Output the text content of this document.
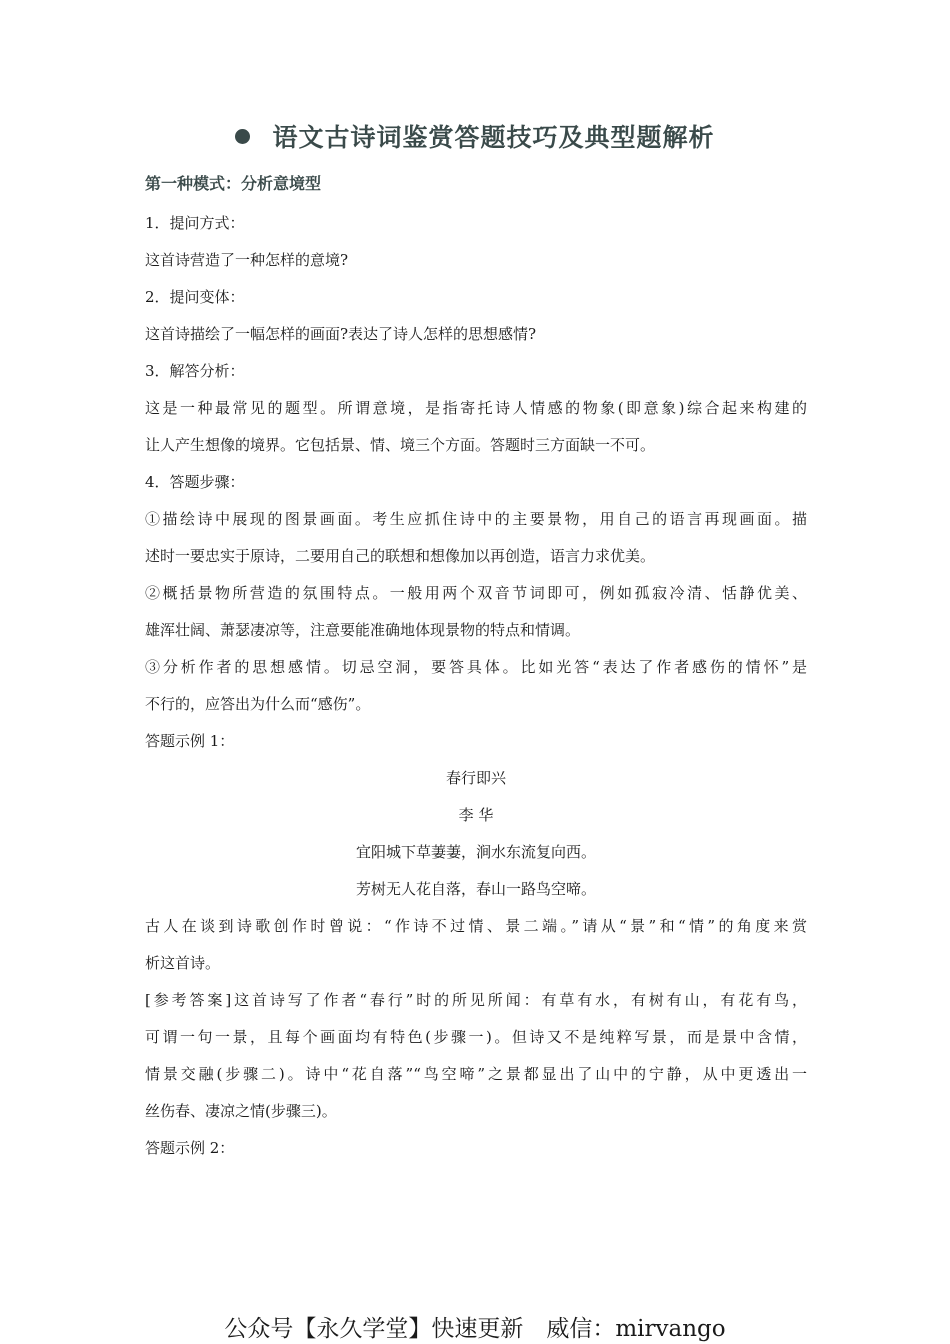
语文古诗词鉴赏答题技巧及典型题解析
第一种模式：分析意境型
1．提问方式：
这首诗营造了一种怎样的意境?
2．提问变体：
这首诗描绘了一幅怎样的画面?表达了诗人怎样的思想感情?
3．解答分析：
这是一种最常见的题型。所谓意境，是指寄托诗人情感的物象(即意象)综合起来构建的
让人产生想像的境界。它包括景、情、境三个方面。答题时三方面缺一不可。
4．答题步骤：
①描绘诗中展现的图景画面。考生应抓住诗中的主要景物，用自己的语言再现画面。描
述时一要忠实于原诗，二要用自己的联想和想像加以再创造，语言力求优美。
②概括景物所营造的氛围特点。一般用两个双音节词即可，例如孤寂冷清、恬静优美、
雄浑壮阔、萧瑟凄凉等，注意要能准确地体现景物的特点和情调。
③分析作者的思想感情。切忌空洞，要答具体。比如光答“表达了作者感伤的情怀”是
不行的，应答出为什么而“感伤”。
答题示例 1：
春行即兴
李 华
宜阳城下草萋萋，涧水东流复向西。
芳树无人花自落，春山一路鸟空啼。
古人在谈到诗歌创作时曾说：“作诗不过情、景二端。”请从“景”和“情”的角度来赏
析这首诗。
[参考答案]这首诗写了作者“春行”时的所见所闻：有草有水，有树有山，有花有鸟，
可谓一句一景，且每个画面均有特色(步骤一)。但诗又不是纯粹写景，而是景中含情，
情景交融(步骤二)。诗中“花自落”“鸟空啼”之景都显出了山中的宁静，从中更透出一
丝伤春、凄凉之情(步骤三)。
答题示例 2：
公众号【永久学堂】快速更新　威信：mirvango
